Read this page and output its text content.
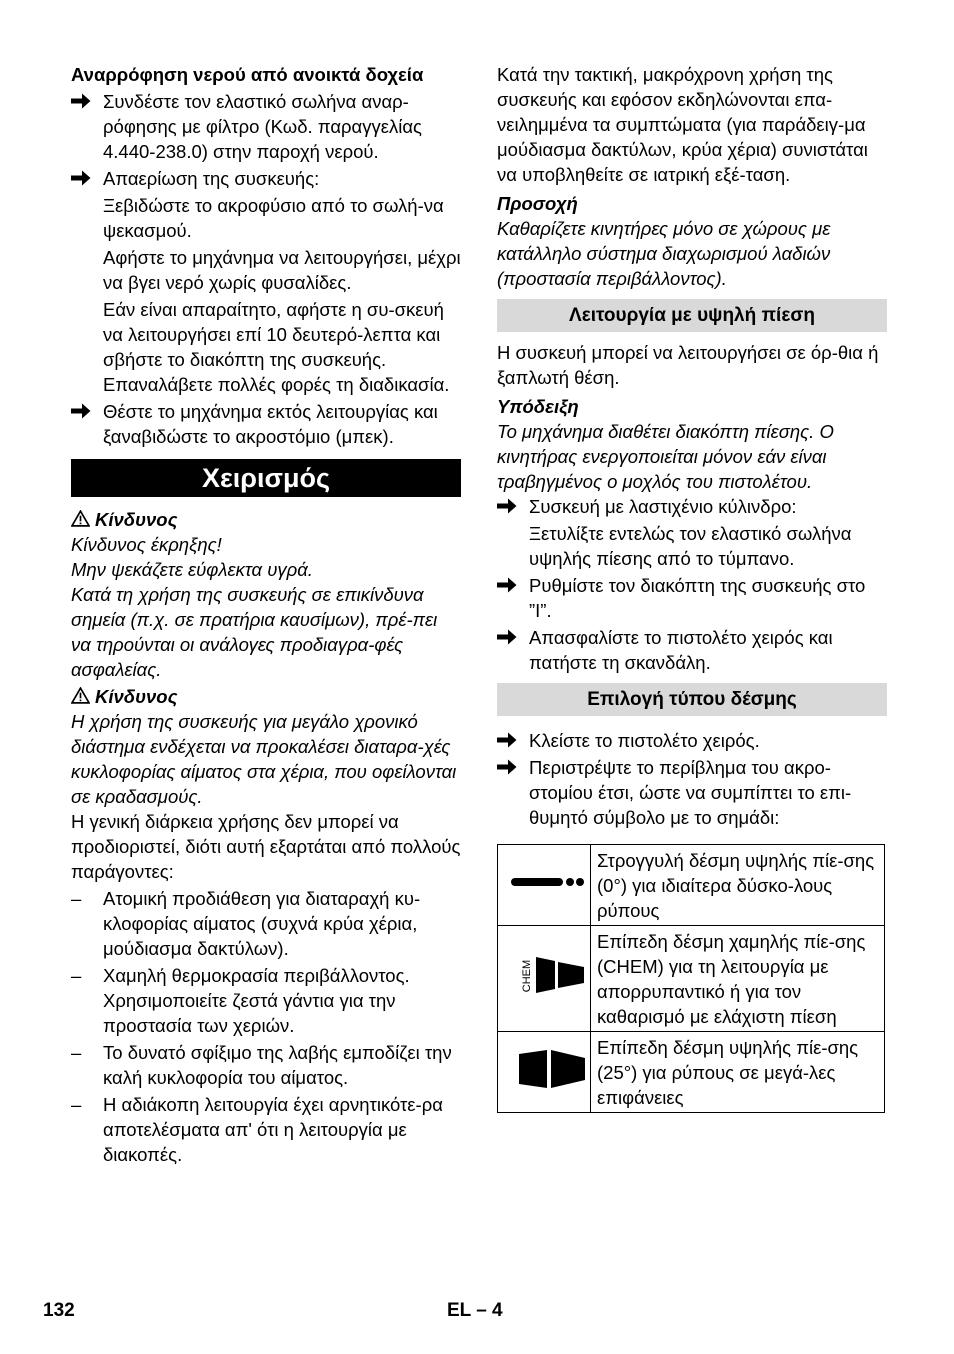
Αναρρόφηση νερού από ανοικτά δοχεία
Συνδέστε τον ελαστικό σωλήνα αναρ-ρόφησης με φίλτρο (Κωδ. παραγγελίας 4.440-238.0) στην παροχή νερού.
Απαερίωση της συσκευής:
Ξεβιδώστε το ακροφύσιο από το σωλή-να ψεκασμού.
Αφήστε το μηχάνημα να λειτουργήσει, μέχρι να βγει νερό χωρίς φυσαλίδες.
Εάν είναι απαραίτητο, αφήστε η συ-σκευή να λειτουργήσει επί 10 δευτερό-λεπτα και σβήστε το διακόπτη της συσκευής. Επαναλάβετε πολλές φορές τη διαδικασία.
Θέστε το μηχάνημα εκτός λειτουργίας και ξαναβιδώστε το ακροστόμιο (μπεκ).
Χειρισμός
Κίνδυνος
Κίνδυνος έκρηξης!
Μην ψεκάζετε εύφλεκτα υγρά.
Κατά τη χρήση της συσκευής σε επικίνδυνα σημεία (π.χ. σε πρατήρια καυσίμων), πρέ-πει να τηρούνται οι ανάλογες προδιαγρα-φές ασφαλείας.
Κίνδυνος
Η χρήση της συσκευής για μεγάλο χρονικό διάστημα ενδέχεται να προκαλέσει διαταρα-χές κυκλοφορίας αίματος στα χέρια, που οφείλονται σε κραδασμούς.
Η γενική διάρκεια χρήσης δεν μπορεί να προδιοριστεί, διότι αυτή εξαρτάται από πολλούς παράγοντες:
– Ατομική προδιάθεση για διαταραχή κυ-κλοφορίας αίματος (συχνά κρύα χέρια, μούδιασμα δακτύλων).
– Χαμηλή θερμοκρασία περιβάλλοντος. Χρησιμοποιείτε ζεστά γάντια για την προστασία των χεριών.
– Το δυνατό σφίξιμο της λαβής εμποδίζει την καλή κυκλοφορία του αίματος.
– Η αδιάκοπη λειτουργία έχει αρνητικότε-ρα αποτελέσματα απ' ότι η λειτουργία με διακοπές.
Κατά την τακτική, μακρόχρονη χρήση της συσκευής και εφόσον εκδηλώνονται επα-νειλημμένα τα συμπτώματα (για παράδειγ-μα μούδιασμα δακτύλων, κρύα χέρια) συνιστάται να υποβληθείτε σε ιατρική εξέ-ταση.
Προσοχή
Καθαρίζετε κινητήρες μόνο σε χώρους με κατάλληλο σύστημα διαχωρισμού λαδιών (προστασία περιβάλλοντος).
Λειτουργία με υψηλή πίεση
Η συσκευή μπορεί να λειτουργήσει σε όρ-θια ή ξαπλωτή θέση.
Υπόδειξη
Το μηχάνημα διαθέτει διακόπτη πίεσης. Ο κινητήρας ενεργοποιείται μόνον εάν είναι τραβηγμένος ο μοχλός του πιστολέτου.
Συσκευή με λαστιχένιο κύλινδρο:
Ξετυλίξτε εντελώς τον ελαστικό σωλήνα υψηλής πίεσης από το τύμπανο.
Ρυθμίστε τον διακόπτη της συσκευής στο ”I”.
Απασφαλίστε το πιστολέτο χειρός και πατήστε τη σκανδάλη.
Επιλογή τύπου δέσμης
Κλείστε το πιστολέτο χειρός.
Περιστρέψτε το περίβλημα του ακρο-στομίου έτσι, ώστε να συμπίπτει το επι-θυμητό σύμβολο με το σημάδι:
	Στρογγυλή δέσμη υψηλής πίε-σης (0°) για ιδιαίτερα δύσκο-λους ρύπους

CHEM	Επίπεδη δέσμη χαμηλής πίε-σης (CHEM) για τη λειτουργία με απορρυπαντικό ή για τον καθαρισμό με ελάχιστη πίεση
	Επίπεδη δέσμη υψηλής πίε-σης (25°) για ρύπους σε μεγά-λες επιφάνειες
132	EL – 4
